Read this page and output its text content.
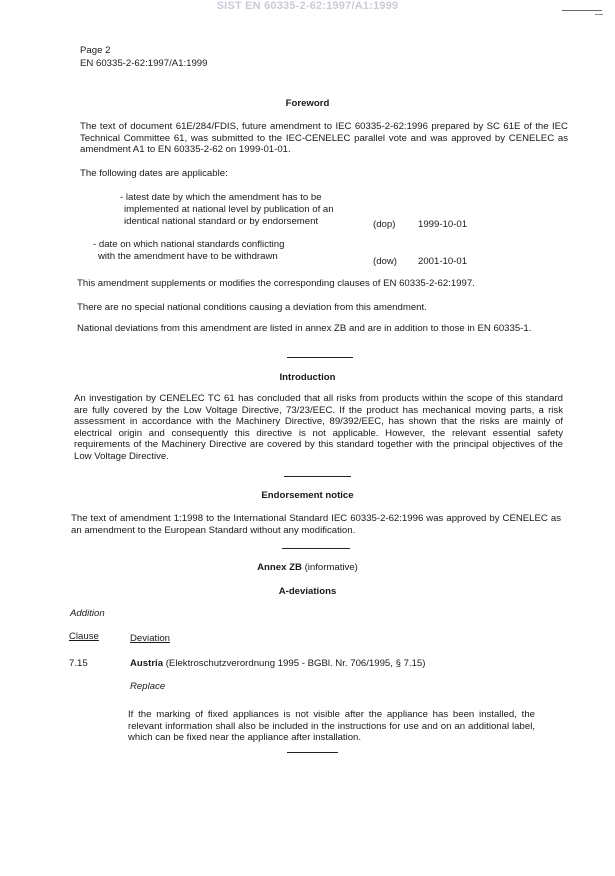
SIST EN 60335-2-62:1997/A1:1999
Page 2
EN 60335-2-62:1997/A1:1999
Foreword
The text of document 61E/284/FDIS, future amendment to IEC 60335-2-62:1996 prepared by SC 61E of the IEC Technical Committee 61, was submitted to the IEC-CENELEC parallel vote and was approved by CENELEC as amendment A1 to EN 60335-2-62 on 1999-01-01.
The following dates are applicable:
- latest date by which the amendment has to be
implemented at national level by publication of an
identical national standard or by endorsement	(dop) 1999-10-01
- date on which national standards conflicting
with the amendment have to be withdrawn	(dow) 2001-10-01
This amendment supplements or modifies the corresponding clauses of EN 60335-2-62:1997.
There are no special national conditions causing a deviation from this amendment.
National deviations from this amendment are listed in annex ZB and are in addition to those in EN 60335-1.
Introduction
An investigation by CENELEC TC 61 has concluded that all risks from products within the scope of this standard are fully covered by the Low Voltage Directive, 73/23/EEC. If the product has mechanical moving parts, a risk assessment in accordance with the Machinery Directive, 89/392/EEC, has shown that the risks are mainly of electrical origin and consequently this directive is not applicable. However, the relevant essential safety requirements of the Machinery Directive are covered by this standard together with the principal objectives of the Low Voltage Directive.
Endorsement notice
The text of amendment 1:1998 to the International Standard IEC 60335-2-62:1996 was approved by CENELEC as an amendment to the European Standard without any modification.
Annex ZB (informative)
A-deviations
Addition
Clause	Deviation
7.15	Austria (Elektroschutzverordnung 1995 - BGBl. Nr. 706/1995, § 7.15)
Replace
If the marking of fixed appliances is not visible after the appliance has been installed, the relevant information shall also be included in the instructions for use and on an additional label, which can be fixed near the appliance after installation.
